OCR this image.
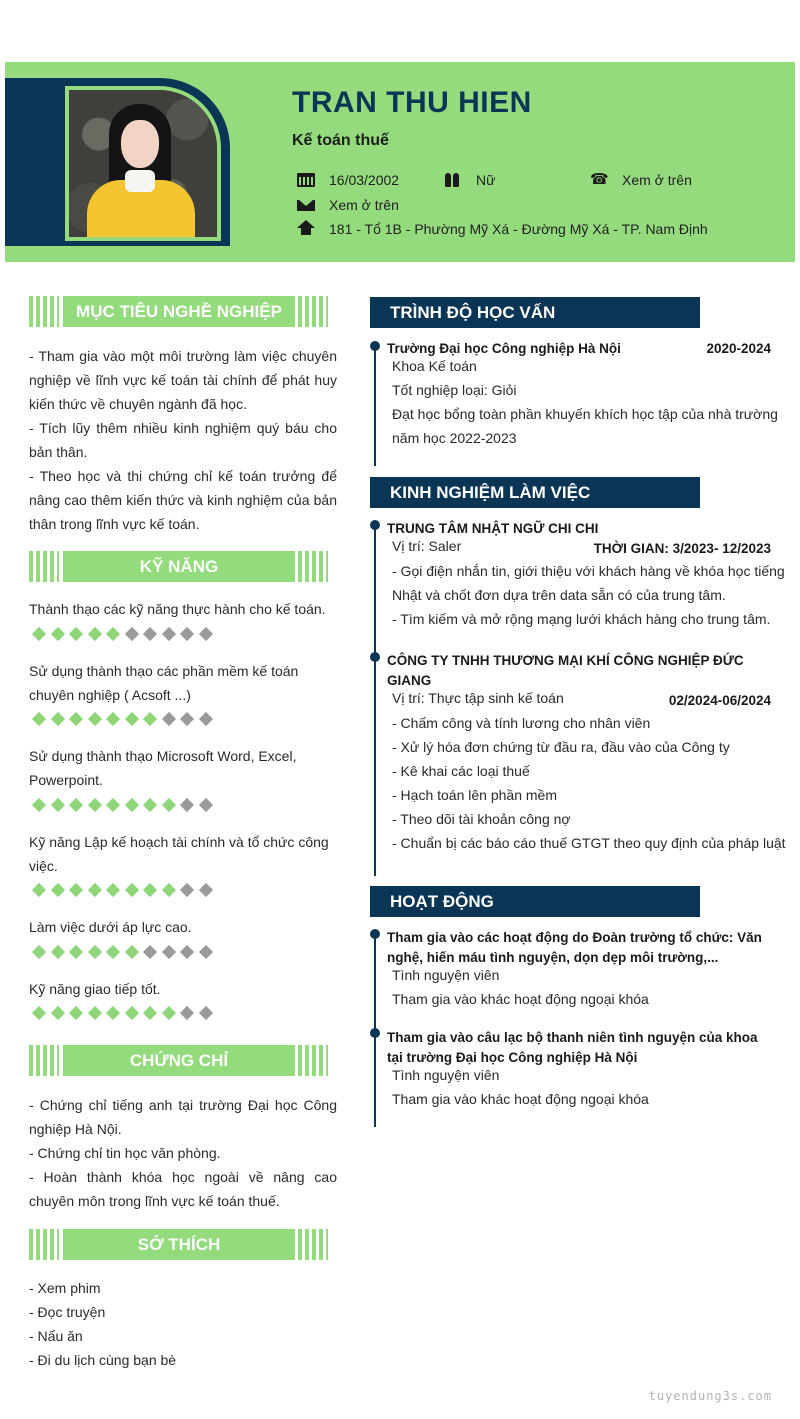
TRAN THU HIEN
Kế toán thuế
16/03/2002	Nữ	☎ Xem ở trên
Xem ở trên
181 - Tổ 1B - Phường Mỹ Xá - Đường Mỹ Xá - TP. Nam Định
MỤC TIÊU NGHỀ NGHIỆP
- Tham gia vào một môi trường làm việc chuyên nghiệp về lĩnh vực kế toán tài chính để phát huy kiến thức về chuyên ngành đã học.
- Tích lũy thêm nhiều kinh nghiệm quý báu cho bản thân.
- Theo học và thi chứng chỉ kế toán trưởng để nâng cao thêm kiến thức và kinh nghiệm của bản thân trong lĩnh vực kế toán.
KỸ NĂNG
Thành thạo các kỹ năng thực hành cho kế toán.
Sử dụng thành thạo các phần mềm kế toán chuyên nghiệp ( Acsoft ...)
Sử dụng thành thạo Microsoft Word, Excel, Powerpoint.
Kỹ năng Lập kế hoạch tài chính và tổ chức công việc.
Làm việc dưới áp lực cao.
Kỹ năng giao tiếp tốt.
CHỨNG CHỈ
- Chứng chỉ tiếng anh tại trường Đại học Công nghiệp Hà Nội.
- Chứng chỉ tin học văn phòng.
- Hoàn thành khóa học ngoài về nâng cao chuyên môn trong lĩnh vực kế toán thuế.
SỞ THÍCH
- Xem phim
- Đọc truyện
- Nấu ăn
- Đi du lịch cùng bạn bè
TRÌNH ĐỘ HỌC VẤN
Trường Đại học Công nghiệp Hà Nội	2020-2024
Khoa Kế toán
Tốt nghiệp loại: Giỏi
Đạt học bổng toàn phần khuyến khích học tập của nhà trường năm học 2022-2023
KINH NGHIỆM LÀM VIỆC
TRUNG TÂM NHẬT NGỮ CHI CHI
Vị trí: Saler	THỜI GIAN: 3/2023- 12/2023
- Gọi điện nhắn tin, giới thiệu với khách hàng về khóa học tiếng Nhật và chốt đơn dựa trên data sẵn có của trung tâm.
- Tìm kiếm và mở rộng mạng lưới khách hàng cho trung tâm.
CÔNG TY TNHH THƯƠNG MẠI KHÍ CÔNG NGHIỆP ĐỨC GIANG
Vị trí: Thực tập sinh kế toán	02/2024-06/2024
- Chấm công và tính lương cho nhân viên
- Xử lý hóa đơn chứng từ đầu ra, đầu vào của Công ty
- Kê khai các loại thuế
- Hạch toán lên phần mềm
- Theo dõi tài khoản công nợ
- Chuẩn bị các báo cáo thuế GTGT theo quy định của pháp luật
HOẠT ĐỘNG
Tham gia vào các hoạt động do Đoàn trường tổ chức: Văn nghệ, hiến máu tình nguyện, dọn dẹp môi trường,...
Tình nguyện viên
Tham gia vào khác hoạt động ngoại khóa
Tham gia vào câu lạc bộ thanh niên tình nguyện của khoa tại trường Đại học Công nghiệp Hà Nội
Tình nguyện viên
Tham gia vào khác hoạt động ngoại khóa
tuyendung3s.com
